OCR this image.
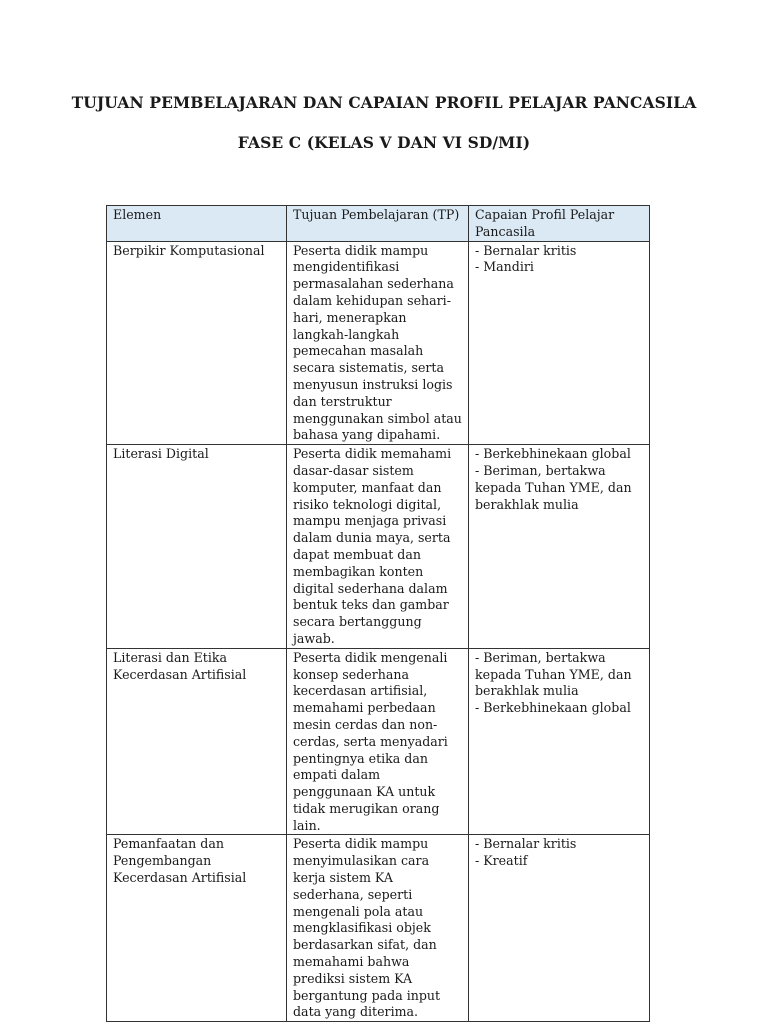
TUJUAN PEMBELAJARAN DAN CAPAIAN PROFIL PELAJAR PANCASILA
FASE C (KELAS V DAN VI SD/MI)
Elemen	Tujuan Pembelajaran (TP)	Capaian Profil Pelajar Pancasila
Berpikir Komputasional	Peserta didik mampu mengidentifikasi permasalahan sederhana dalam kehidupan sehari-hari, menerapkan langkah-langkah pemecahan masalah secara sistematis, serta menyusun instruksi logis dan terstruktur menggunakan simbol atau bahasa yang dipahami.	- Bernalar kritis
- Mandiri

Literasi Digital	Peserta didik memahami dasar-dasar sistem komputer, manfaat dan risiko teknologi digital, mampu menjaga privasi dalam dunia maya, serta dapat membuat dan membagikan konten digital sederhana dalam bentuk teks dan gambar secara bertanggung jawab.	- Berkebhinekaan global
- Beriman, bertakwa kepada Tuhan YME, dan berakhlak mulia

Literasi dan Etika Kecerdasan Artifisial	Peserta didik mengenali konsep sederhana kecerdasan artifisial, memahami perbedaan mesin cerdas dan non-cerdas, serta menyadari pentingnya etika dan empati dalam penggunaan KA untuk tidak merugikan orang lain.	- Beriman, bertakwa kepada Tuhan YME, dan berakhlak mulia
- Berkebhinekaan global

Pemanfaatan dan Pengembangan Kecerdasan Artifisial	Peserta didik mampu menyimulasikan cara kerja sistem KA sederhana, seperti mengenali pola atau mengklasifikasi objek berdasarkan sifat, dan memahami bahwa prediksi sistem KA bergantung pada input data yang diterima.	- Bernalar kritis
- Kreatif
